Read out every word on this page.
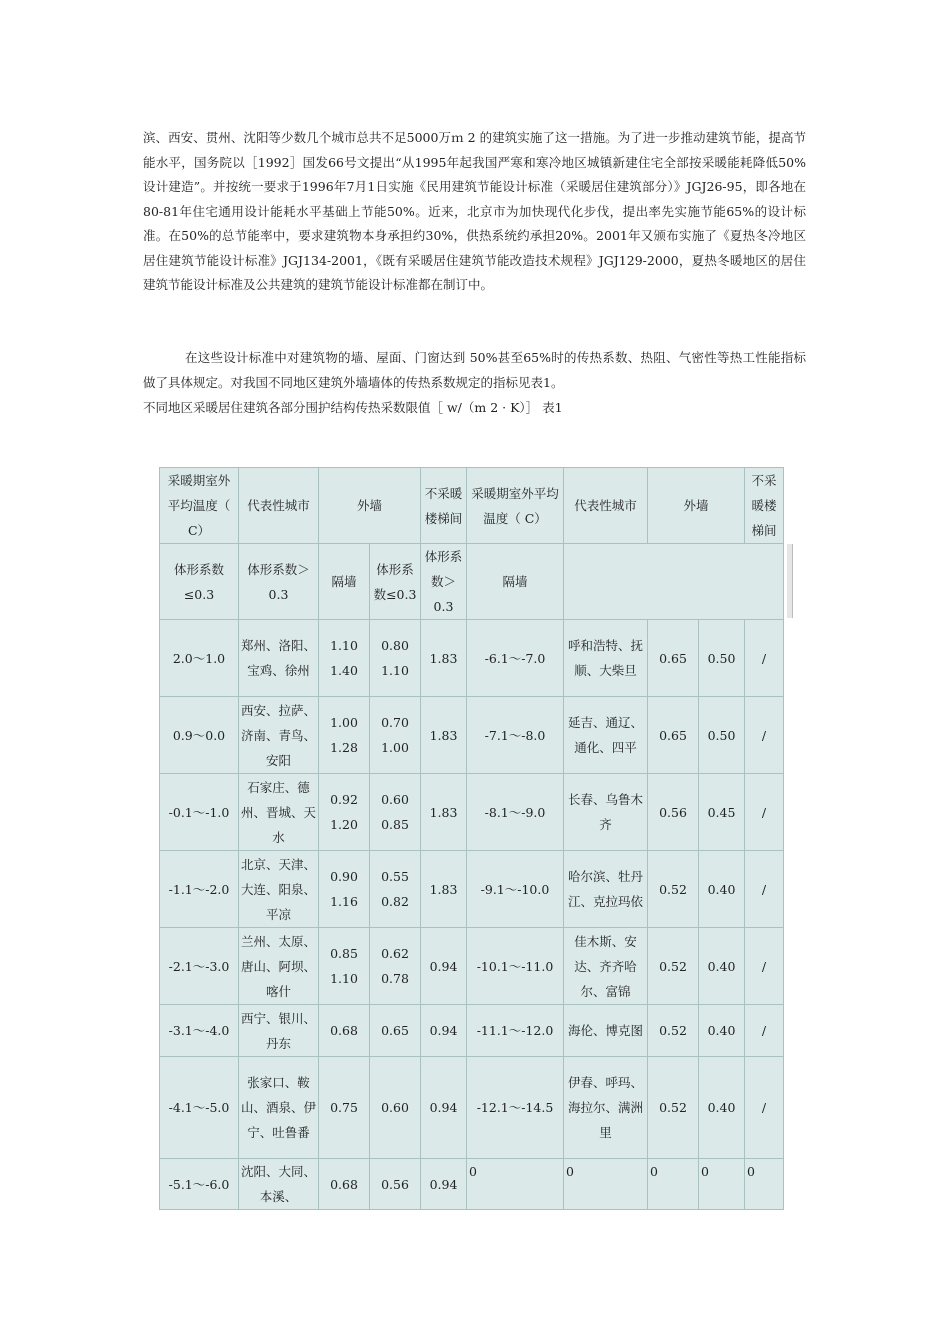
滨、西安、贯州、沈阳等少数几个城市总共不足5000万ｍ 2 的建筑实施了这一措施。为了进一步推动建筑节能，提高节能水平，国务院以［1992］国发66号文提出“从1995年起我国严寒和寒冷地区城镇新建住宅全部按采暖能耗降低50%设计建造”。并按统一要求于1996年7月1日实施《民用建筑节能设计标准（采暖居住建筑部分）》JGJ26-95，即各地在80-81年住宅通用设计能耗水平基础上节能50%。近来，北京市为加快现代化步伐，提出率先实施节能65%的设计标准。在50%的总节能率中，要求建筑物本身承担约30%，供热系统约承担20%。2001年又颁布实施了《夏热冬冷地区居住建筑节能设计标准》JGJ134-2001，《既有采暖居住建筑节能改造技术规程》JGJ129-2000，夏热冬暖地区的居住建筑节能设计标准及公共建筑的建筑节能设计标准都在制订中。

在这些设计标准中对建筑物的墙、屋面、门窗达到 50%甚至65%时的传热系数、热阻、气密性等热工性能指标做了具体规定。对我国不同地区建筑外墙墙体的传热系数规定的指标见表1。

不同地区采暖居住建筑各部分围护结构传热采数限值［ w/（m 2 · K）］ 表1

采暖期室外平均温度（ C）	代表性城市	外墙		不采暖楼梯间	采暖期室外平均温度（ C）	代表性城市	外墙		不采暖楼梯间
体形系数≤0.3	体形系数＞0.3	隔墙	体形系数≤0.3	体形系数＞0.3	隔墙				
2.0～1.0	郑州、洛阳、 宝鸡、徐州	1.10 1.40	0.80 1.10	1.83	-6.1～-7.0	呼和浩特、抚顺、大柴旦	0.65	0.50	/
0.9～0.0	西安、拉萨、济南、青鸟、安阳	1.00 1.28	0.70 1.00	1.83	-7.1～-8.0	延吉、通辽、通化、四平	0.65	0.50	/
-0.1～-1.0	石家庄、德州、晋城、天水	0.92 1.20	0.60 0.85	1.83	-8.1～-9.0	长春、乌鲁木齐	0.56	0.45	/
-1.1～-2.0	北京、天津、大连、阳泉、平凉	0.90 1.16	0.55 0.82	1.83	-9.1～-10.0	哈尔滨、牡丹江、克拉玛依	0.52	0.40	/
-2.1～-3.0	兰州、太原、唐山、阿坝、喀什	0.85 1.10	0.62 0.78	0.94	-10.1～-11.0	佳木斯、安达、齐齐哈尔、富锦	0.52	0.40	/
-3.1～-4.0	西宁、银川、丹东	0.68	0.65	0.94	-11.1～-12.0	海伦、博克图	0.52	0.40	/
-4.1～-5.0	张家口、鞍山、酒泉、伊宁、吐鲁番	0.75	0.60	0.94	-12.1～-14.5	伊春、呼玛、海拉尔、满洲里	0.52	0.40	/
-5.1～-6.0	沈阳、大同、本溪、	0.68	0.56	0.94	0	0	0	0	0
